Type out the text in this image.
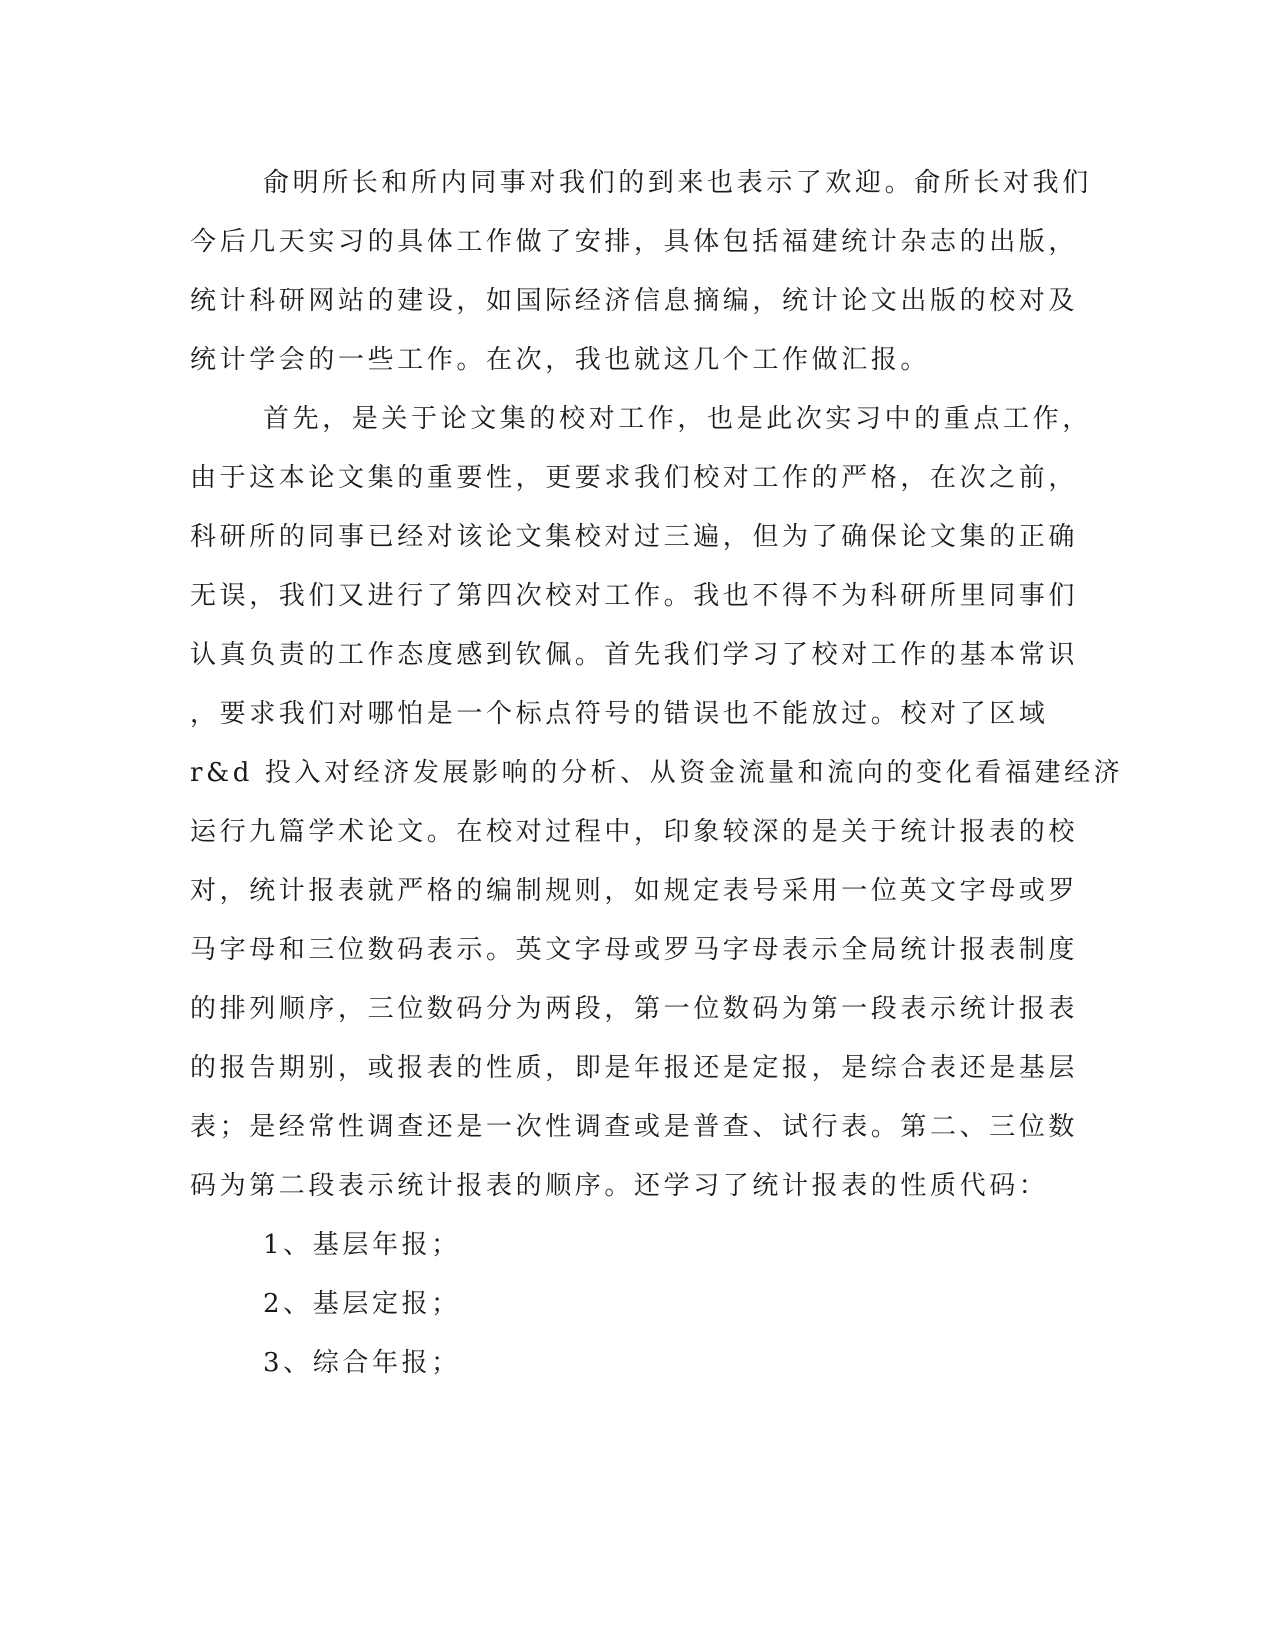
俞明所长和所内同事对我们的到来也表示了欢迎。俞所长对我们
今后几天实习的具体工作做了安排，具体包括福建统计杂志的出版，
统计科研网站的建设，如国际经济信息摘编，统计论文出版的校对及
统计学会的一些工作。在次，我也就这几个工作做汇报。
首先，是关于论文集的校对工作，也是此次实习中的重点工作，
由于这本论文集的重要性，更要求我们校对工作的严格，在次之前，
科研所的同事已经对该论文集校对过三遍，但为了确保论文集的正确
无误，我们又进行了第四次校对工作。我也不得不为科研所里同事们
认真负责的工作态度感到钦佩。首先我们学习了校对工作的基本常识
，要求我们对哪怕是一个标点符号的错误也不能放过。校对了区域
r&d 投入对经济发展影响的分析、从资金流量和流向的变化看福建经济
运行九篇学术论文。在校对过程中，印象较深的是关于统计报表的校
对，统计报表就严格的编制规则，如规定表号采用一位英文字母或罗
马字母和三位数码表示。英文字母或罗马字母表示全局统计报表制度
的排列顺序，三位数码分为两段，第一位数码为第一段表示统计报表
的报告期别，或报表的性质，即是年报还是定报，是综合表还是基层
表；是经常性调查还是一次性调查或是普查、试行表。第二、三位数
码为第二段表示统计报表的顺序。还学习了统计报表的性质代码：
1、基层年报；
2、基层定报；
3、综合年报；
